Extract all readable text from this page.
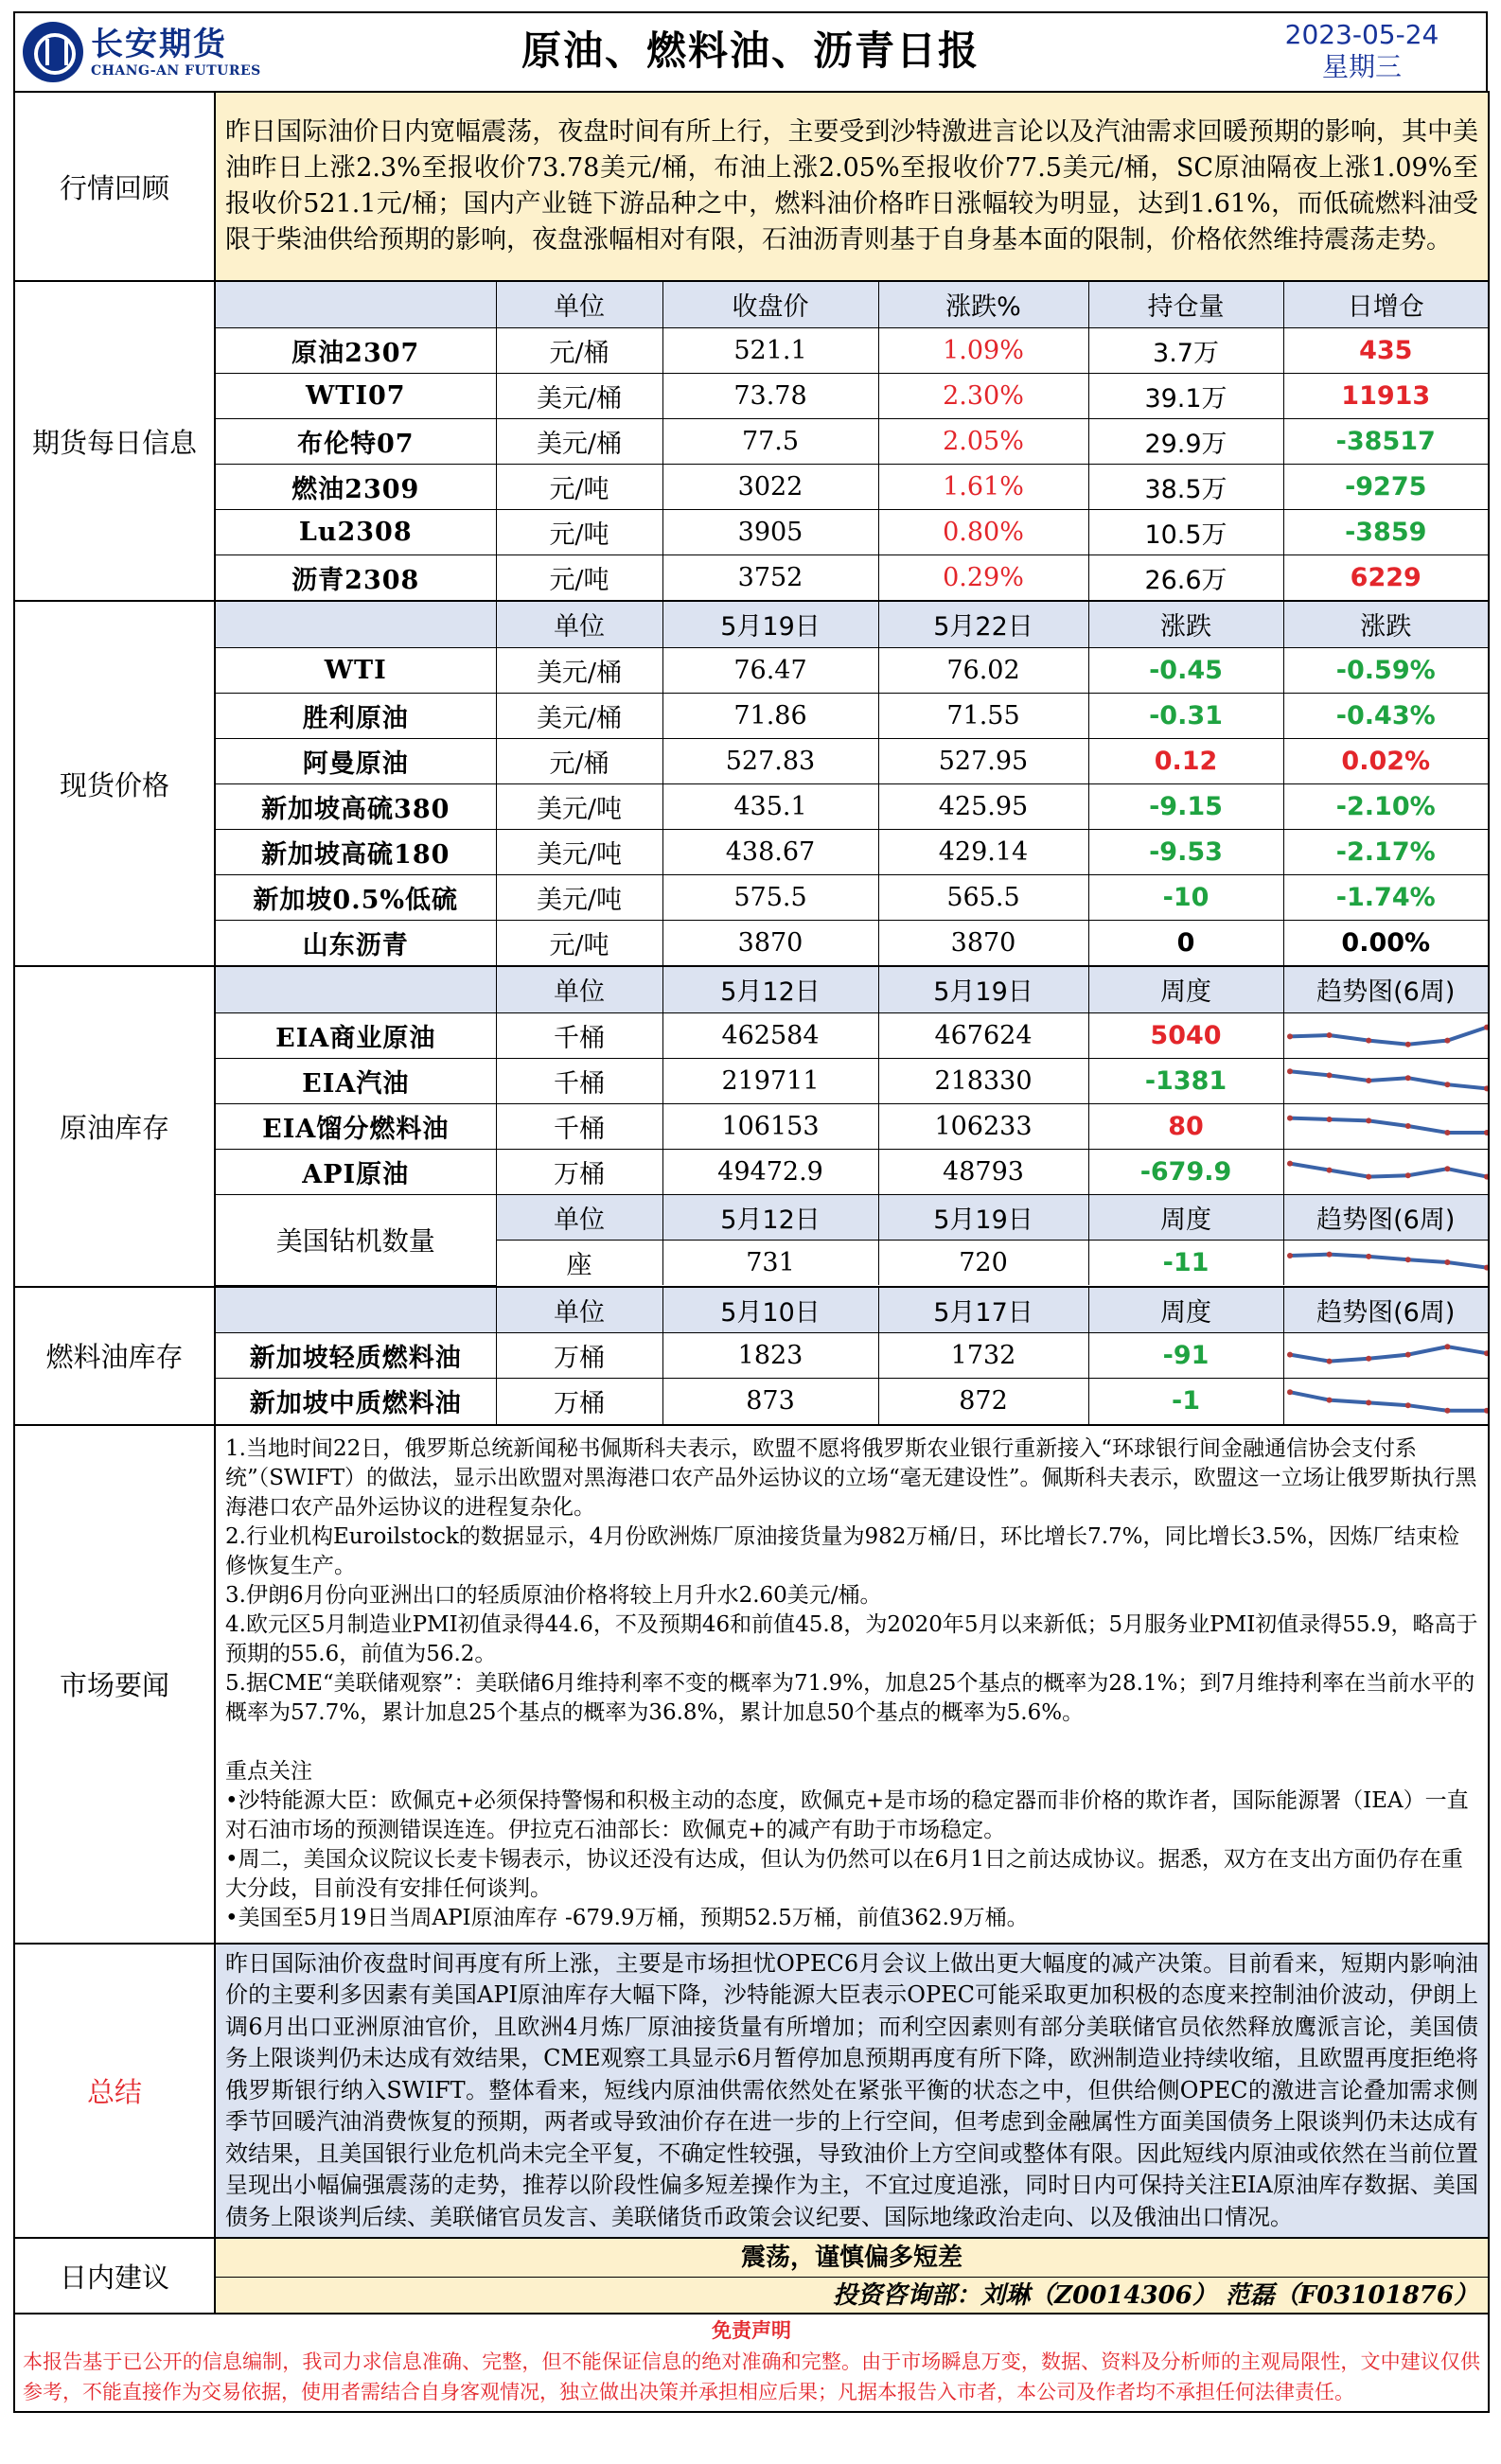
长安期货
CHANG-AN FUTURES	原油、燃料油、沥青日报	2023-05-24
星期三
行情回顾	昨日国际油价日内宽幅震荡，夜盘时间有所上行，主要受到沙特激进言论以及汽油需求回暖预期的影响，其中美油昨日上涨2.3%至报收价73.78美元/桶，布油上涨2.05%至报收价77.5美元/桶，SC原油隔夜上涨1.09%至报收价521.1元/桶；国内产业链下游品种之中，燃料油价格昨日涨幅较为明显，达到1.61%，而低硫燃料油受限于柴油供给预期的影响，夜盘涨幅相对有限，石油沥青则基于自身基本面的限制，价格依然维持震荡走势。
期货每日信息	
	单位	收盘价	涨跌%	持仓量	日增仓
原油2307	元/桶	521.1	1.09%	3.7万	435
WTI07	美元/桶	73.78	2.30%	39.1万	11913
布伦特07	美元/桶	77.5	2.05%	29.9万	-38517
燃油2309	元/吨	3022	1.61%	38.5万	-9275
Lu2308	元/吨	3905	0.80%	10.5万	-3859
沥青2308	元/吨	3752	0.29%	26.6万	6229

现货价格	
	单位	5月19日	5月22日	涨跌	涨跌
WTI	美元/桶	76.47	76.02	-0.45	-0.59%
胜利原油	美元/桶	71.86	71.55	-0.31	-0.43%
阿曼原油	元/桶	527.83	527.95	0.12	0.02%
新加坡高硫380	美元/吨	435.1	425.95	-9.15	-2.10%
新加坡高硫180	美元/吨	438.67	429.14	-9.53	-2.17%
新加坡0.5%低硫	美元/吨	575.5	565.5	-10	-1.74%
山东沥青	元/吨	3870	3870	0	0.00%

原油库存	
	单位	5月12日	5月19日	周度	趋势图(6周)
EIA商业原油	千桶	462584	467624	5040	

EIA汽油	千桶	219711	218330	-1381	

EIA馏分燃料油	千桶	106153	106233	80	

API原油	万桶	49472.9	48793	-679.9	

美国钻机数量	单位	5月12日	5月19日	周度	趋势图(6周)
座	731	720	-11	

燃料油库存	
	单位	5月10日	5月17日	周度	趋势图(6周)
新加坡轻质燃料油	万桶	1823	1732	-91	

新加坡中质燃料油	万桶	873	872	-1	

市场要闻	

1.当地时间22日，俄罗斯总统新闻秘书佩斯科夫表示，欧盟不愿将俄罗斯农业银行重新接入“环球银行间金融通信协会支付系统”（SWIFT）的做法，显示出欧盟对黑海港口农产品外运协议的立场“毫无建设性”。佩斯科夫表示，欧盟这一立场让俄罗斯执行黑海港口农产品外运协议的进程复杂化。

2.行业机构Euroilstock的数据显示，4月份欧洲炼厂原油接货量为982万桶/日，环比增长7.7%，同比增长3.5%，因炼厂结束检修恢复生产。

3.伊朗6月份向亚洲出口的轻质原油价格将较上月升水2.60美元/桶。

4.欧元区5月制造业PMI初值录得44.6，不及预期46和前值45.8，为2020年5月以来新低；5月服务业PMI初值录得55.9，略高于预期的55.6，前值为56.2。

5.据CME“美联储观察”：美联储6月维持利率不变的概率为71.9%，加息25个基点的概率为28.1%；到7月维持利率在当前水平的概率为57.7%，累计加息25个基点的概率为36.8%，累计加息50个基点的概率为5.6%。

重点关注

•沙特能源大臣：欧佩克+必须保持警惕和积极主动的态度，欧佩克+是市场的稳定器而非价格的欺诈者，国际能源署（IEA）一直对石油市场的预测错误连连。伊拉克石油部长：欧佩克+的减产有助于市场稳定。

•周二，美国众议院议长麦卡锡表示，协议还没有达成，但认为仍然可以在6月1日之前达成协议。据悉，双方在支出方面仍存在重大分歧，目前没有安排任何谈判。

•美国至5月19日当周API原油库存 -679.9万桶，预期52.5万桶，前值362.9万桶。

总结	昨日国际油价夜盘时间再度有所上涨，主要是市场担忧OPEC6月会议上做出更大幅度的减产决策。目前看来，短期内影响油价的主要利多因素有美国API原油库存大幅下降，沙特能源大臣表示OPEC可能采取更加积极的态度来控制油价波动，伊朗上调6月出口亚洲原油官价，且欧洲4月炼厂原油接货量有所增加；而利空因素则有部分美联储官员依然释放鹰派言论，美国债务上限谈判仍未达成有效结果，CME观察工具显示6月暂停加息预期再度有所下降，欧洲制造业持续收缩，且欧盟再度拒绝将俄罗斯银行纳入SWIFT。整体看来，短线内原油供需依然处在紧张平衡的状态之中，但供给侧OPEC的激进言论叠加需求侧季节回暖汽油消费恢复的预期，两者或导致油价存在进一步的上行空间，但考虑到金融属性方面美国债务上限谈判仍未达成有效结果，且美国银行业危机尚未完全平复，不确定性较强，导致油价上方空间或整体有限。因此短线内原油或依然在当前位置呈现出小幅偏强震荡的走势，推荐以阶段性偏多短差操作为主，不宜过度追涨，同时日内可保持关注EIA原油库存数据、美国债务上限谈判后续、美联储官员发言、美联储货币政策会议纪要、国际地缘政治走向、以及俄油出口情况。
日内建议	
震荡，谨慎偏多短差
投资咨询部：刘琳（Z0014306） 范磊（F03101876）

免责声明
本报告基于已公开的信息编制，我司力求信息准确、完整，但不能保证信息的绝对准确和完整。由于市场瞬息万变，数据、资料及分析师的主观局限性，文中建议仅供参考，不能直接作为交易依据，使用者需结合自身客观情况，独立做出决策并承担相应后果；凡据本报告入市者，本公司及作者均不承担任何法律责任。
